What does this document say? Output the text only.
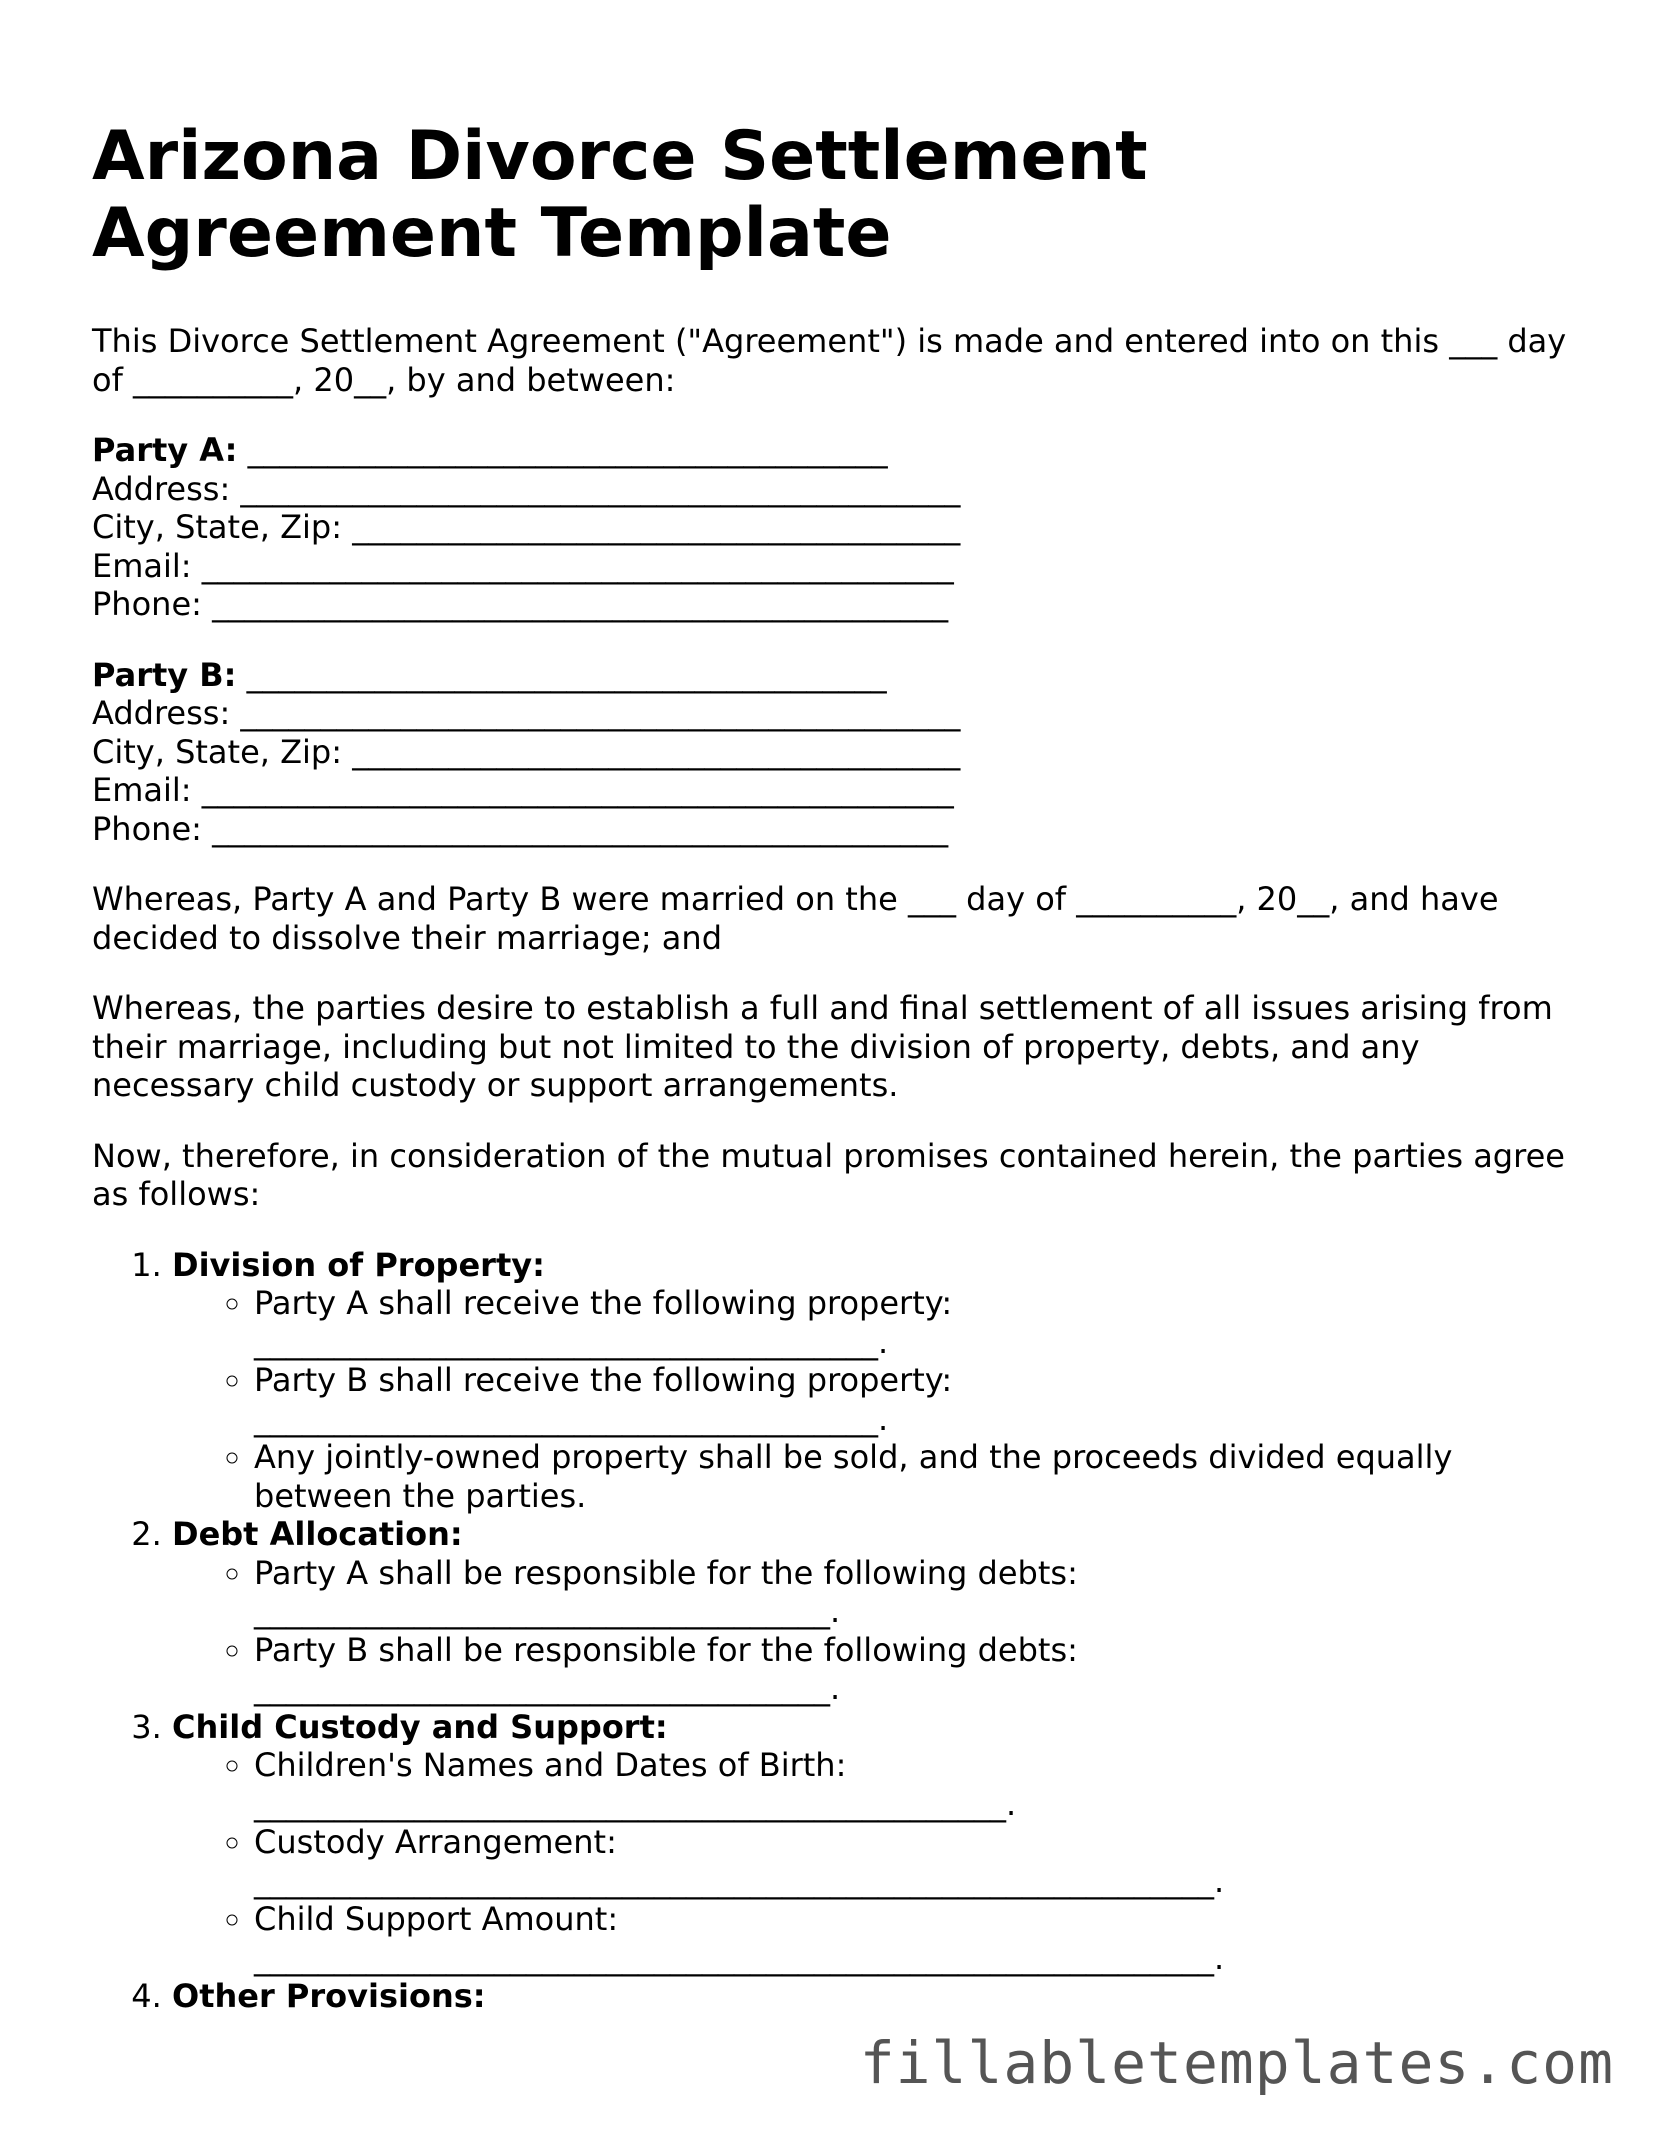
Arizona Divorce Settlement Agreement Template

This Divorce Settlement Agreement ("Agreement") is made and entered into on this ___ day of __________, 20__, by and between:

Party A: ________________________________________
Address: _____________________________________________
City, State, Zip: ______________________________________
Email: _______________________________________________
Phone: ______________________________________________
Party B: ________________________________________
Address: _____________________________________________
City, State, Zip: ______________________________________
Email: _______________________________________________
Phone: ______________________________________________

Whereas, Party A and Party B were married on the ___ day of __________, 20__, and have decided to dissolve their marriage; and

Whereas, the parties desire to establish a full and final settlement of all issues arising from their marriage, including but not limited to the division of property, debts, and any necessary child custody or support arrangements.

Now, therefore, in consideration of the mutual promises contained herein, the parties agree as follows:

1. Division of Property:
◦ Party A shall receive the following property:
_______________________________________.
◦ Party B shall receive the following property:
_______________________________________.
◦ Any jointly-owned property shall be sold, and the proceeds divided equally between the parties.
2. Debt Allocation:
◦ Party A shall be responsible for the following debts:
____________________________________.
◦ Party B shall be responsible for the following debts:
____________________________________.
3. Child Custody and Support:
◦ Children's Names and Dates of Birth:
_______________________________________________.
◦ Custody Arrangement:
____________________________________________________________.
◦ Child Support Amount:
____________________________________________________________.
4. Other Provisions:
fillabletemplates.com
